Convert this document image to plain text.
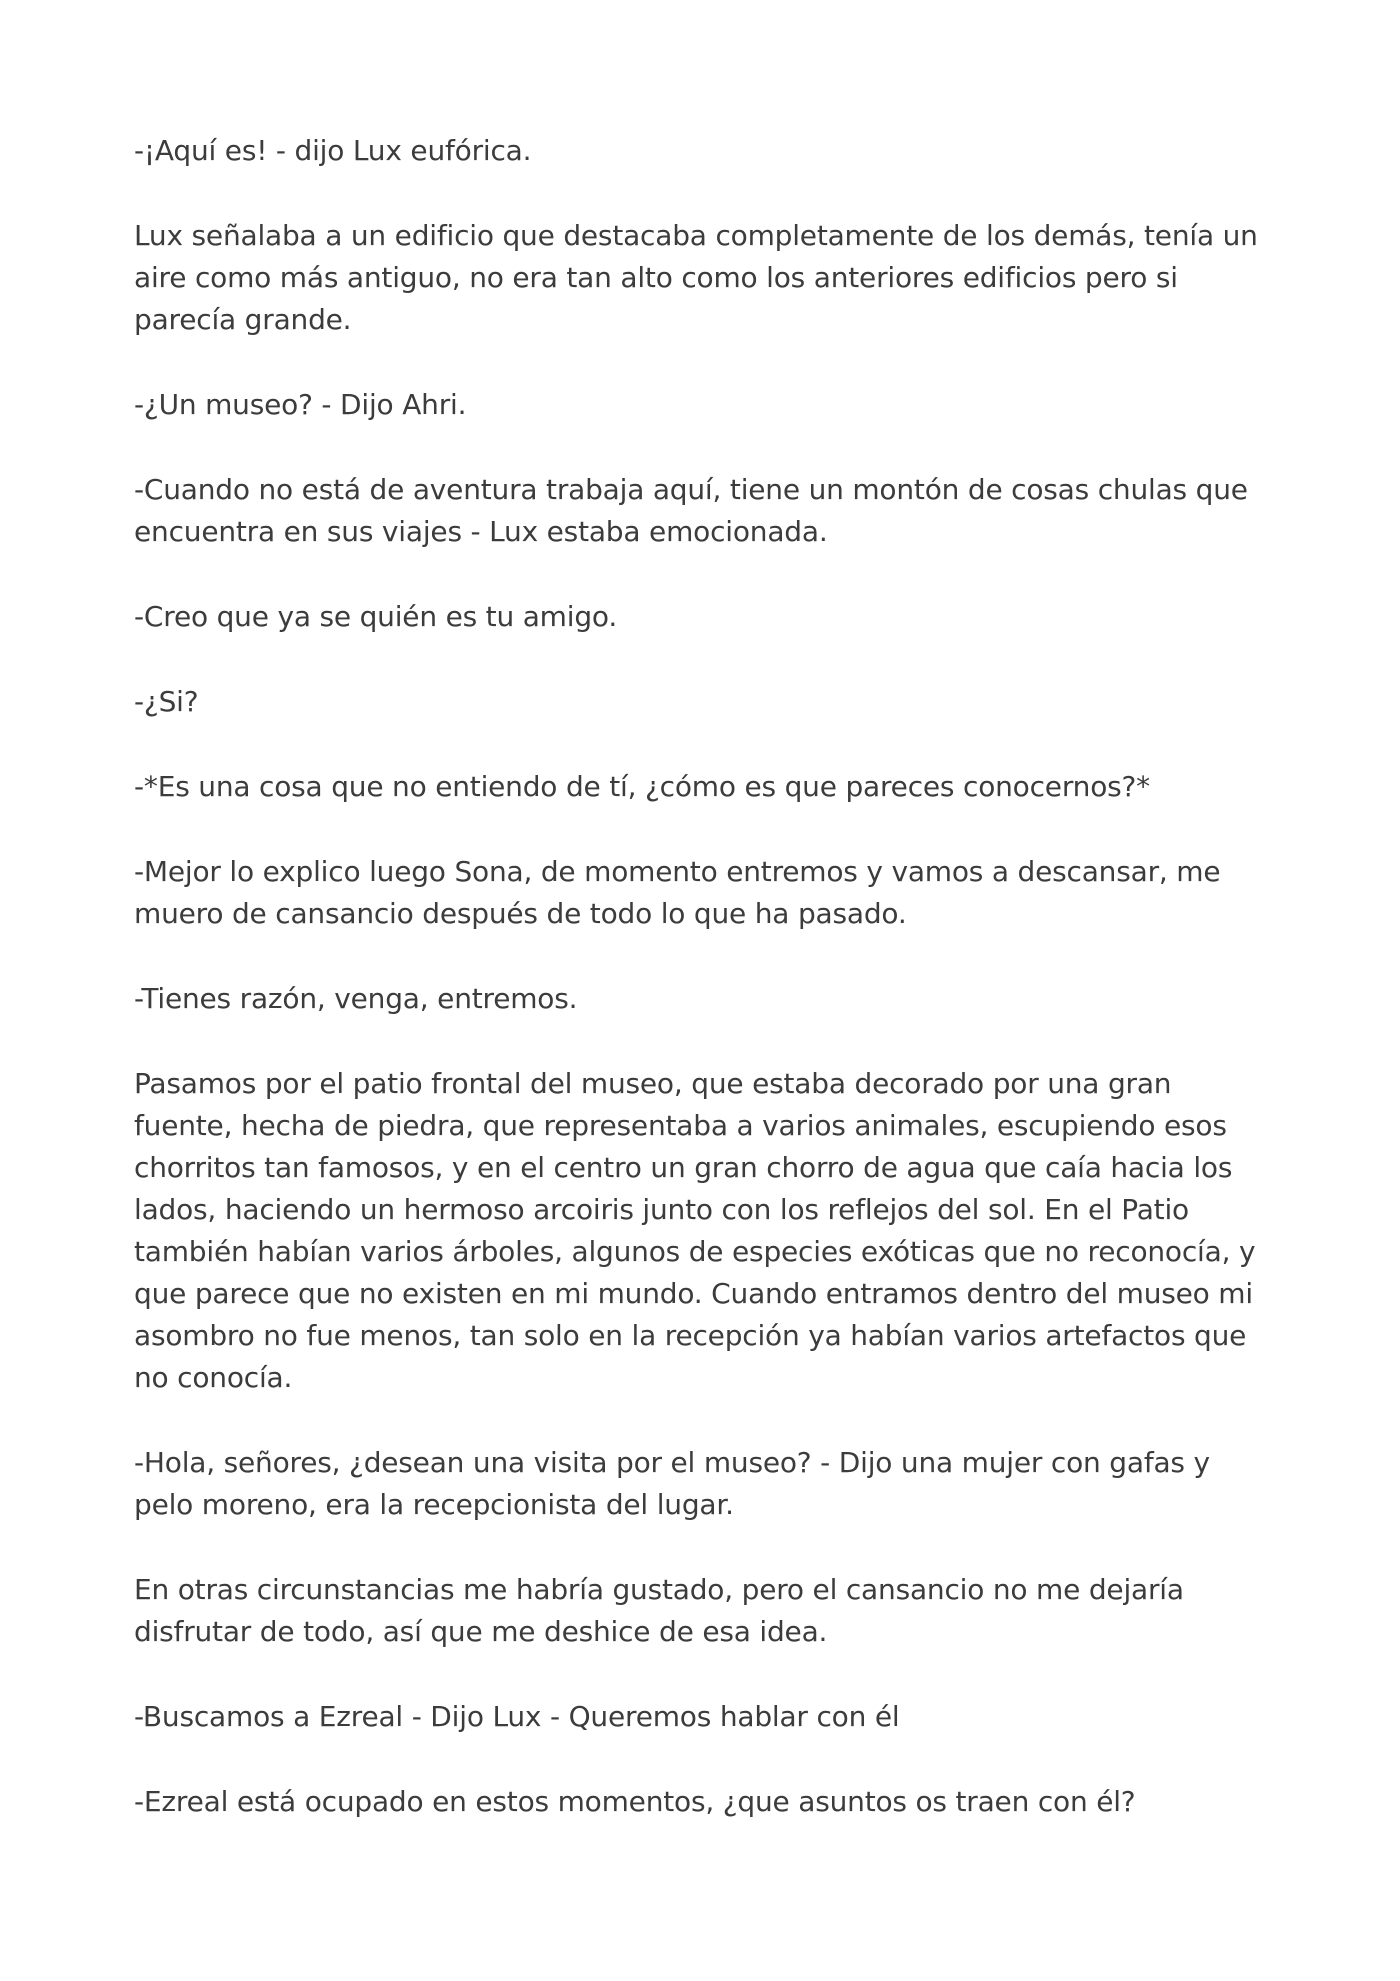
-¡Aquí es! - dijo Lux eufórica.

Lux señalaba a un edificio que destacaba completamente de los demás, tenía un aire como más antiguo, no era tan alto como los anteriores edificios pero si parecía grande.

-¿Un museo? - Dijo Ahri.

-Cuando no está de aventura trabaja aquí, tiene un montón de cosas chulas que encuentra en sus viajes - Lux estaba emocionada.

-Creo que ya se quién es tu amigo.

-¿Si?

-*Es una cosa que no entiendo de tí, ¿cómo es que pareces conocernos?*

-Mejor lo explico luego Sona, de momento entremos y vamos a descansar, me muero de cansancio después de todo lo que ha pasado.

-Tienes razón, venga, entremos.

Pasamos por el patio frontal del museo, que estaba decorado por una gran fuente, hecha de piedra, que representaba a varios animales, escupiendo esos chorritos tan famosos, y en el centro un gran chorro de agua que caía hacia los lados, haciendo un hermoso arcoiris junto con los reflejos del sol. En el Patio también habían varios árboles, algunos de especies exóticas que no reconocía, y que parece que no existen en mi mundo. Cuando entramos dentro del museo mi asombro no fue menos, tan solo en la recepción ya habían varios artefactos que no conocía.

-Hola, señores, ¿desean una visita por el museo? - Dijo una mujer con gafas y pelo moreno, era la recepcionista del lugar.

En otras circunstancias me habría gustado, pero el cansancio no me dejaría disfrutar de todo, así que me deshice de esa idea.

-Buscamos a Ezreal - Dijo Lux - Queremos hablar con él

-Ezreal está ocupado en estos momentos, ¿que asuntos os traen con él?
